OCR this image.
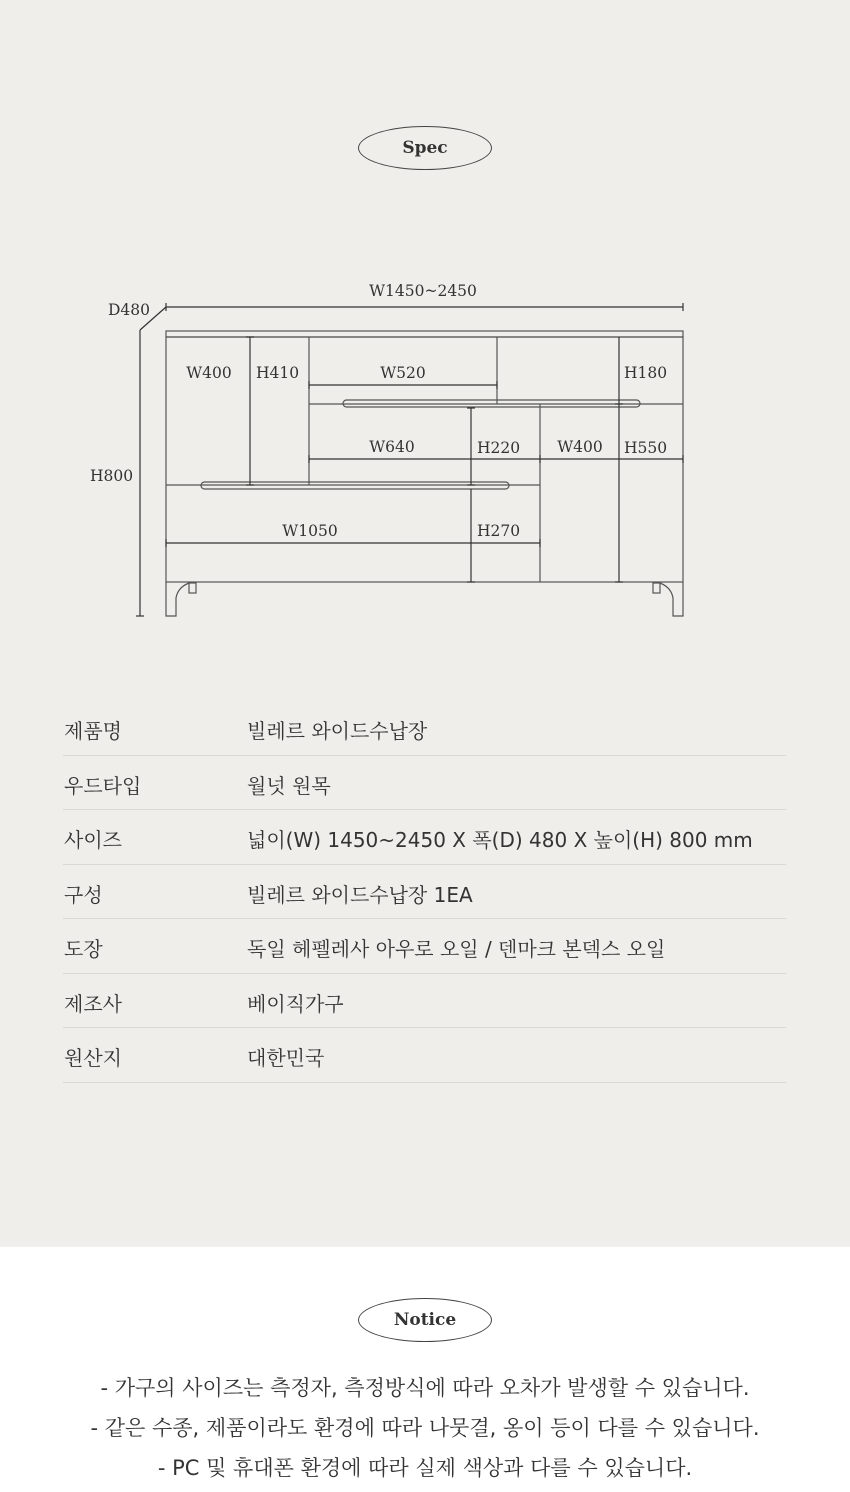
Spec
D480
W1450~2450
H800
W400 H410	W520	H180
W640	H220 W400 H550
W1050	H270
제품명	빌레르 와이드수납장
우드타입	월넛 원목
사이즈	넓이(W) 1450~2450 X 폭(D) 480 X 높이(H) 800 mm
구성	빌레르 와이드수납장 1EA
도장	독일 헤펠레사 아우로 오일 / 덴마크 본덱스 오일
제조사	베이직가구
원산지	대한민국
Notice
- 가구의 사이즈는 측정자, 측정방식에 따라 오차가 발생할 수 있습니다.
- 같은 수종, 제품이라도 환경에 따라 나뭇결, 옹이 등이 다를 수 있습니다.
- PC 및 휴대폰 환경에 따라 실제 색상과 다를 수 있습니다.
